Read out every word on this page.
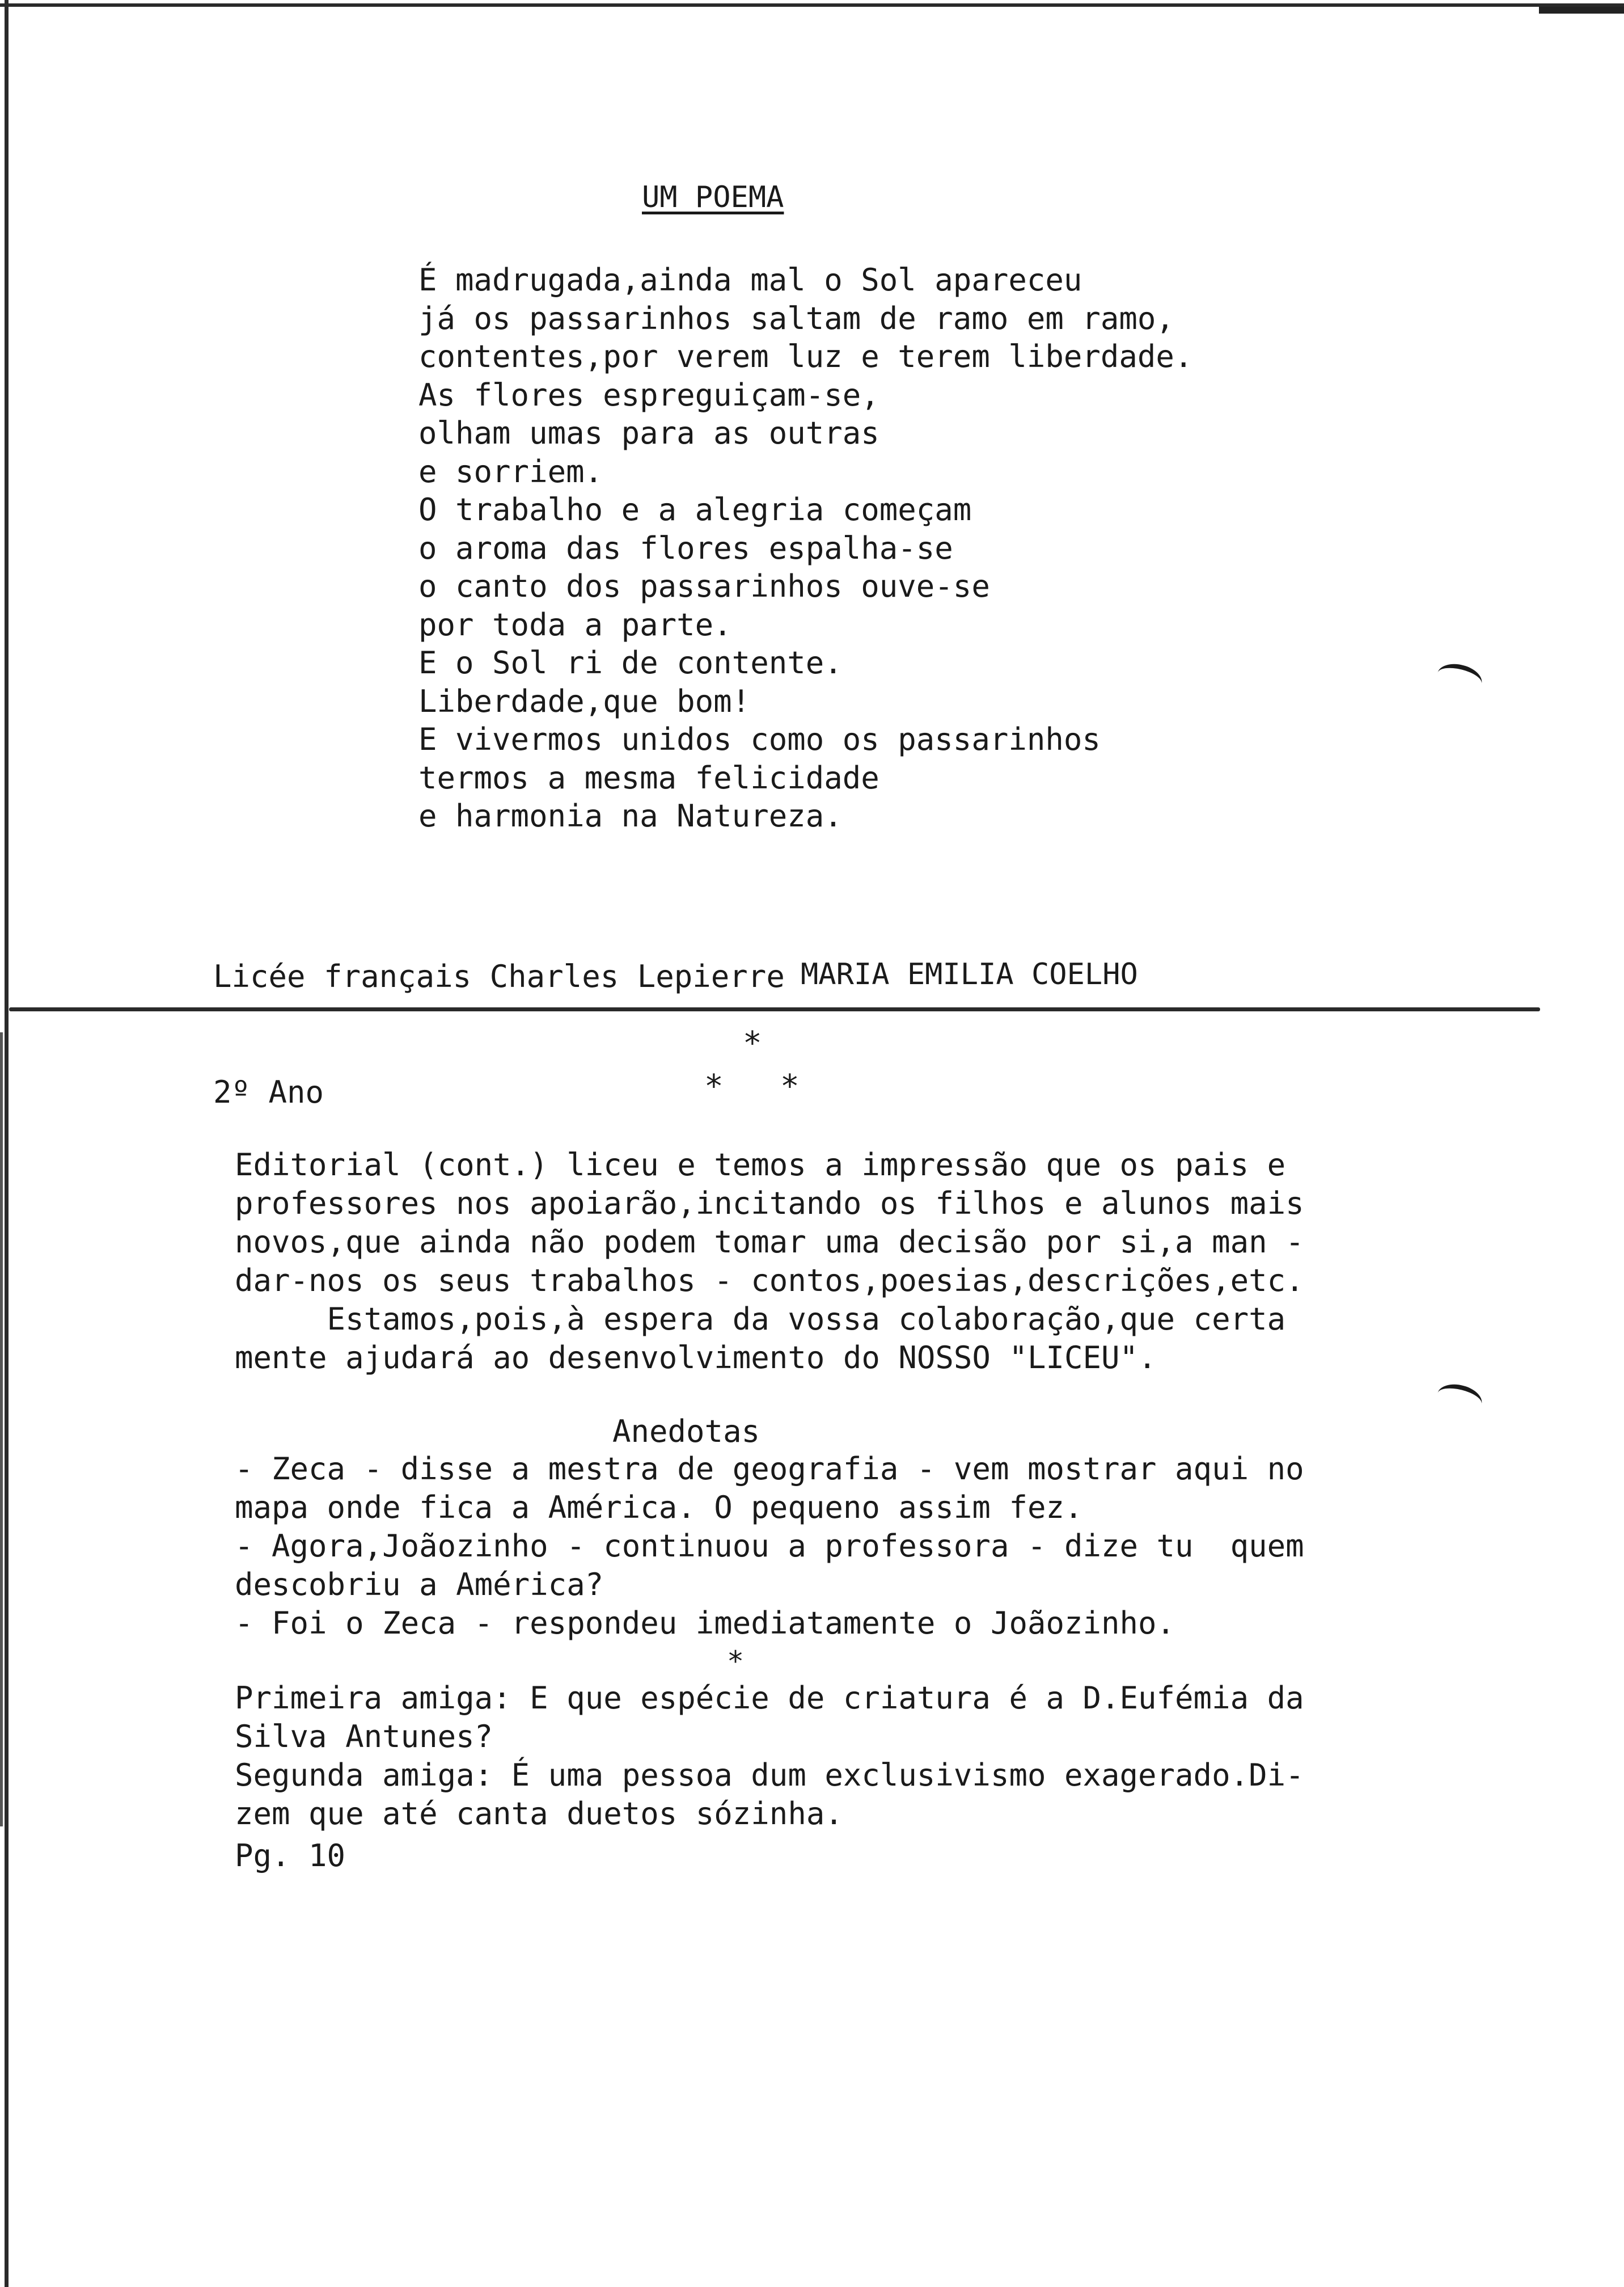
UM POEMA
É madrugada,ainda mal o Sol apareceu
já os passarinhos saltam de ramo em ramo,
contentes,por verem luz e terem liberdade.
As flores espreguiçam-se,
olham umas para as outras
e sorriem.
O trabalho e a alegria começam
o aroma das flores espalha-se
o canto dos passarinhos ouve-se
por toda a parte.
E o Sol ri de contente.
Liberdade,que bom!
E vivermos unidos como os passarinhos
termos a mesma felicidade
e harmonia na Natureza.

Licée français Charles Lepierre

2º Ano

MARIA EMILIA COELHO
*
* *
Editorial (cont.) liceu e temos a impressão que os pais e
professores nos apoiarão,incitando os filhos e alunos mais
novos,que ainda não podem tomar uma decisão por si,a man -
dar-nos os seus trabalhos - contos,poesias,descrições,etc.
Estamos,pois,à espera da vossa colaboração,que certa
mente ajudará ao desenvolvimento do NOSSO "LICEU".
Anedotas
- Zeca - disse a mestra de geografia - vem mostrar aqui no
mapa onde fica a América. O pequeno assim fez.
- Agora,Joãozinho - continuou a professora - dize tu  quem
descobriu a América?
- Foi o Zeca - respondeu imediatamente o Joãozinho.
*
Primeira amiga: E que espécie de criatura é a D.Eufémia da
Silva Antunes?
Segunda amiga: É uma pessoa dum exclusivismo exagerado.Di-
zem que até canta duetos sózinha.
Pg. 10
